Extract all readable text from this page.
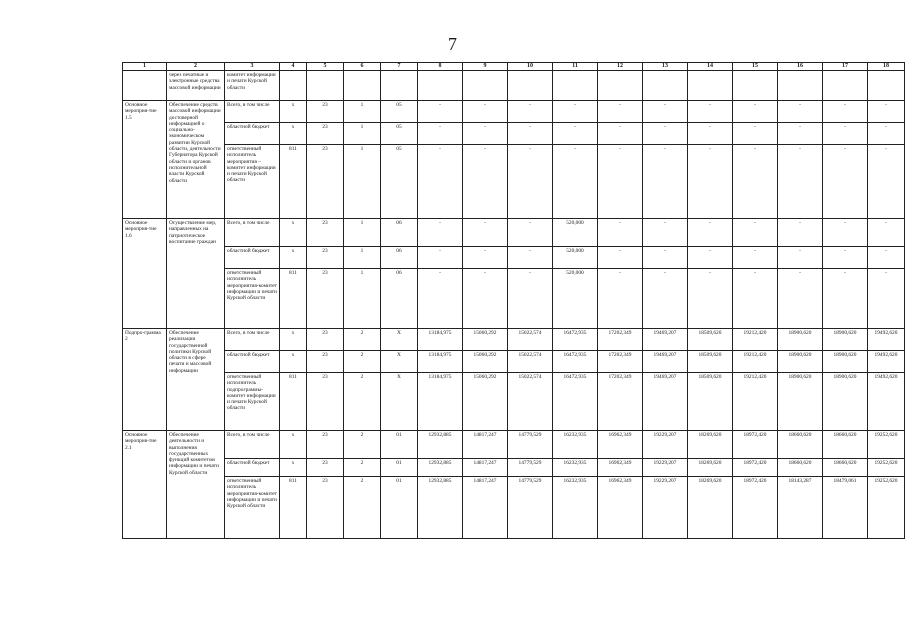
7
1	2	3	4	5	6	7	8	9	10	11	12	13	14	15	16	17	18
	через печатные и электронные средства массовой информации	комитет информации и печати Курской области															
Основное мероприя-тие 1.5	Обеспечение средств массовой информации достоверной информацией о социально-экономическом развитии Курской области, деятельности Губернатора Курской области и органов исполнительной власти Курской области	Всего, в том числе	x	23	1	05	-	-	-	-	-	-	-	-	-	-	-
		областной бюджет	x	23	1	05	-	-	-	-	-	-	-	-	-	-	-
		ответственный исполнитель мероприятия – комитет информации и печати Курской области	811	23	1	05	-	-	-	-	-	-	-	-	-	-	-
Основное мероприя-тие 1.6	Осуществление мер, направленных на патриотическое воспитание граждан	Всего, в том числе	x	23	1	06	-	-	-	520,000	-	-	-	-	-	-	-
		областной бюджет	x	23	1	06	-	-	-	520,000	-	-	-	-	-	-	-
		ответственный исполнитель мероприятия-комитет информации и печати Курской области	811	23	1	06	-	-	-	520,000	-	-	-	-	-	-	-
Подпро-грамма 2	Обеспечение реализации государственной политики Курской области в сфере печати и массовой информации	Всего, в том числе	x	23	2	X	13184,975	15060,292	15022,574	16472,935	17202,349	19469,207	18509,620	19212,420	18900,620	18900,620	19492,620
		областной бюджет	x	23	2	X	13184,975	15060,292	15022,574	16472,935	17202,349	19469,207	18509,620	19212,420	18900,620	18900,620	19492,620
		ответственный исполнитель подпрограммы-комитет информации и печати Курской области	811	23	2	X	13184,975	15060,292	15022,574	16472,935	17202,349	19469,207	18509,620	19212,420	18900,620	18900,620	19492,620
Основное мероприя-тие 2.1	Обеспечение деятельности и выполнения государственных функций комитетом информации и печати Курской области	Всего, в том числе	x	23	2	01	12932,885	14817,247	14779,529	16232,935	16962,349	19229,207	18269,620	18972,420	18660,620	18660,620	19252,620
		областной бюджет	x	23	2	01	12932,885	14817,247	14779,529	16232,935	16962,349	19229,207	18269,620	18972,420	18660,620	18660,620	19252,620
		ответственный исполнитель мероприятия-комитет информации и печати Курской области	811	23	2	01	12932,885	14817,247	14779,529	16232,935	16962,349	19229,207	18269,620	18972,420	18143,287	18479,061	19252,620
